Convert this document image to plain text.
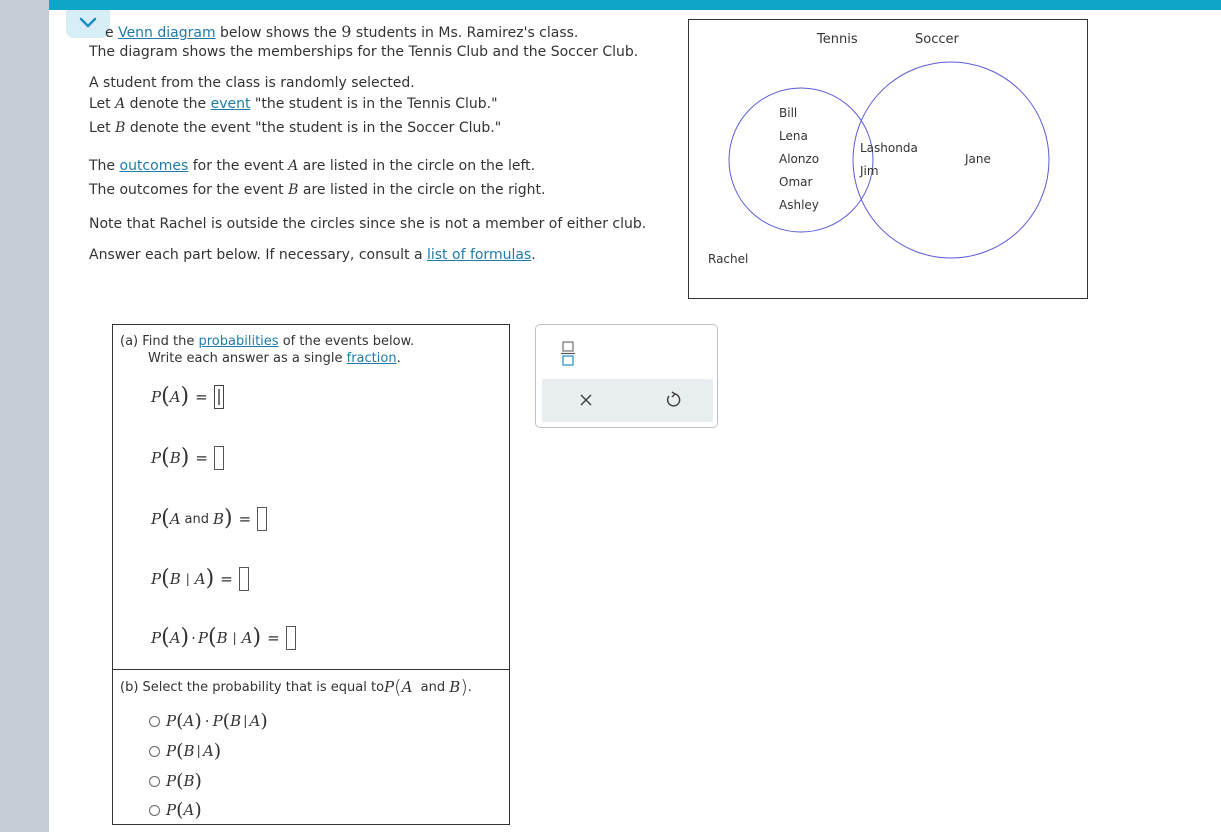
e Venn diagram below shows the 9 students in Ms. Ramirez's class.
The diagram shows the memberships for the Tennis Club and the Soccer Club.
A student from the class is randomly selected.
Let A denote the event "the student is in the Tennis Club."
Let B denote the event "the student is in the Soccer Club."
The outcomes for the event A are listed in the circle on the left.
The outcomes for the event B are listed in the circle on the right.
Note that Rachel is outside the circles since she is not a member of either club.
Answer each part below. If necessary, consult a list of formulas.
Tennis	Soccer
Bill
Lena
Alonzo
Omar
Ashley
Lashonda
Jim
Jane
Rachel
(a) Find the probabilities of the events below.
Write each answer as a single fraction.
P ( A ) =
P ( B ) =
P ( A and B ) =
P ( B | A ) =
P ( A ) · P ( B | A ) =
(b)
Select the probability that is equal to P ( A
and
B ) .
P ( A ) · P ( B | A )
P ( B | A )
P ( B )
P ( A )
